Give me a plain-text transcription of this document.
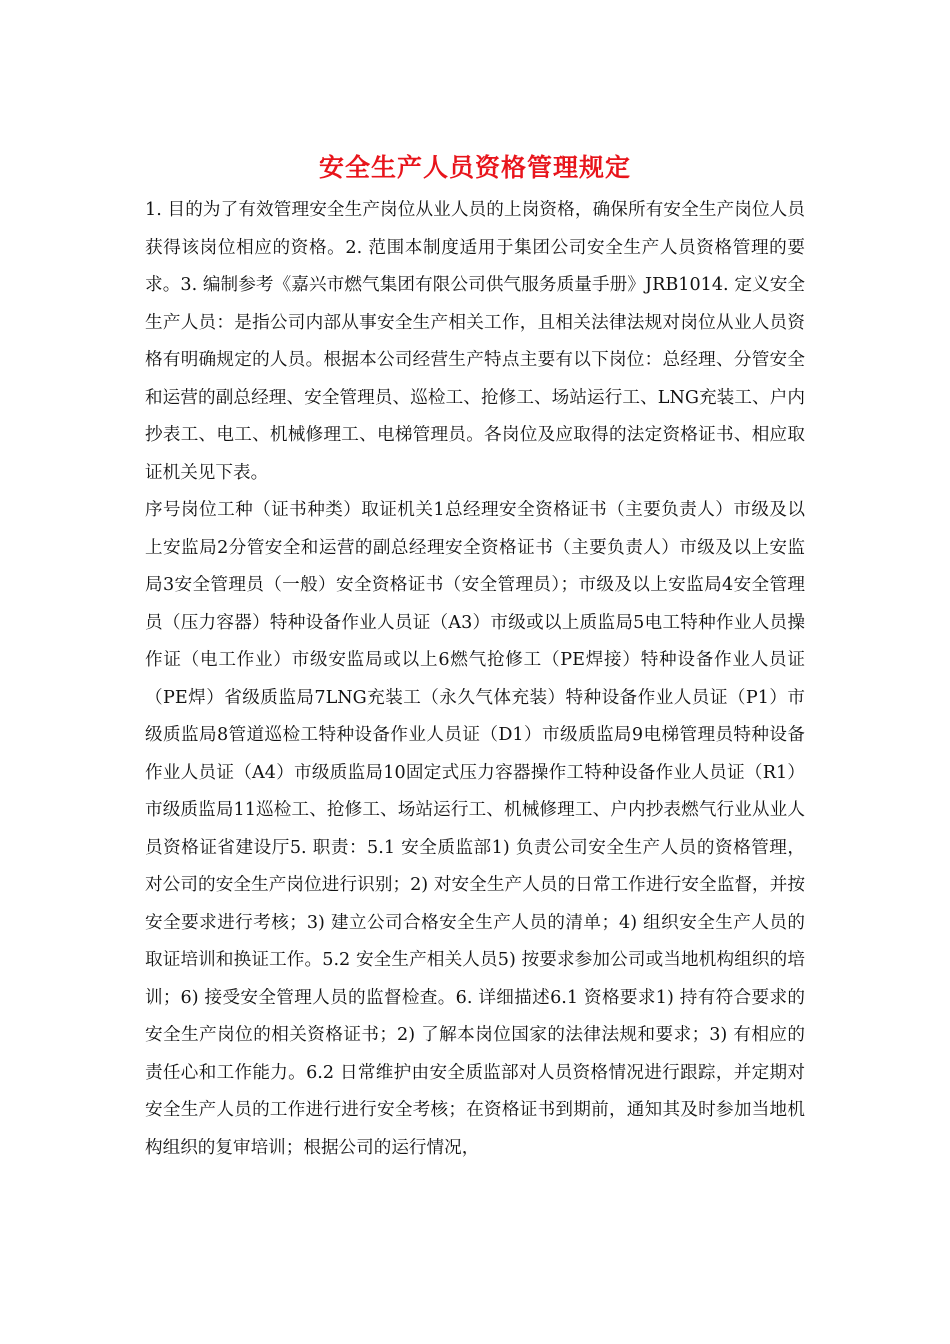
安全生产人员资格管理规定

1. 目的为了有效管理安全生产岗位从业人员的上岗资格，确保所有安全生产岗位人员获得该岗位相应的资格。2. 范围本制度适用于集团公司安全生产人员资格管理的要求。3. 编制参考《嘉兴市燃气集团有限公司供气服务质量手册》JRB1014. 定义安全生产人员：是指公司内部从事安全生产相关工作，且相关法律法规对岗位从业人员资格有明确规定的人员。根据本公司经营生产特点主要有以下岗位：总经理、分管安全和运营的副总经理、安全管理员、巡检工、抢修工、场站运行工、LNG充装工、户内抄表工、电工、机械修理工、电梯管理员。各岗位及应取得的法定资格证书、相应取证机关见下表。

序号岗位工种（证书种类）取证机关1总经理安全资格证书（主要负责人）市级及以上安监局2分管安全和运营的副总经理安全资格证书（主要负责人）市级及以上安监局3安全管理员（一般）安全资格证书（安全管理员）；市级及以上安监局4安全管理员（压力容器）特种设备作业人员证（A3）市级或以上质监局5电工特种作业人员操作证（电工作业）市级安监局或以上6燃气抢修工（PE焊接）特种设备作业人员证（PE焊）省级质监局7LNG充装工（永久气体充装）特种设备作业人员证（P1）市级质监局8管道巡检工特种设备作业人员证（D1）市级质监局9电梯管理员特种设备作业人员证（A4）市级质监局10固定式压力容器操作工特种设备作业人员证（R1）市级质监局11巡检工、抢修工、场站运行工、机械修理工、户内抄表燃气行业从业人员资格证省建设厅5. 职责：5.1 安全质监部1) 负责公司安全生产人员的资格管理，对公司的安全生产岗位进行识别；2) 对安全生产人员的日常工作进行安全监督，并按安全要求进行考核；3) 建立公司合格安全生产人员的清单；4) 组织安全生产人员的取证培训和换证工作。5.2 安全生产相关人员5) 按要求参加公司或当地机构组织的培训；6) 接受安全管理人员的监督检查。6. 详细描述6.1 资格要求1) 持有符合要求的安全生产岗位的相关资格证书；2) 了解本岗位国家的法律法规和要求；3) 有相应的责任心和工作能力。6.2 日常维护由安全质监部对人员资格情况进行跟踪，并定期对安全生产人员的工作进行进行安全考核；在资格证书到期前，通知其及时参加当地机构组织的复审培训；根据公司的运行情况，
